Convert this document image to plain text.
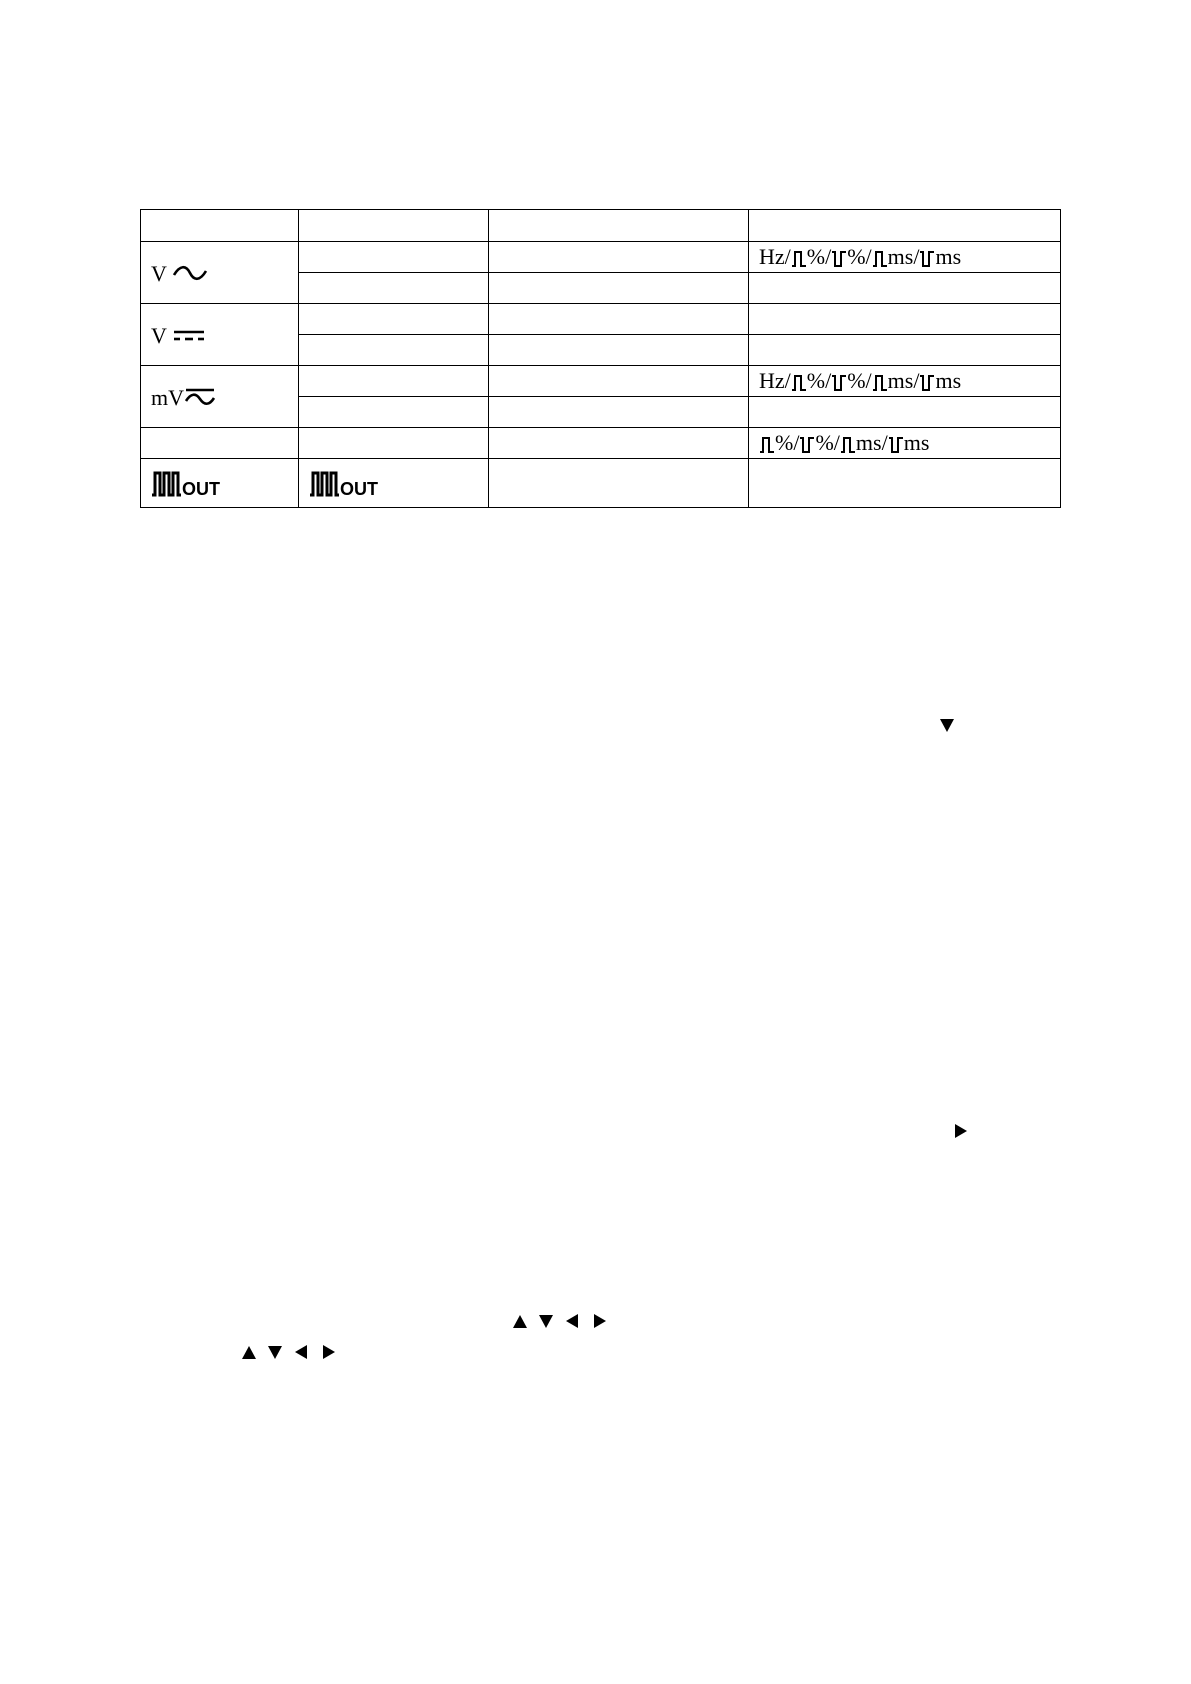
V			Hz/ %/ %/ ms/ ms

V			

mV			Hz/ %/ %/ ms/ ms

			%/ %/ ms/ ms

OUT	OUT		
